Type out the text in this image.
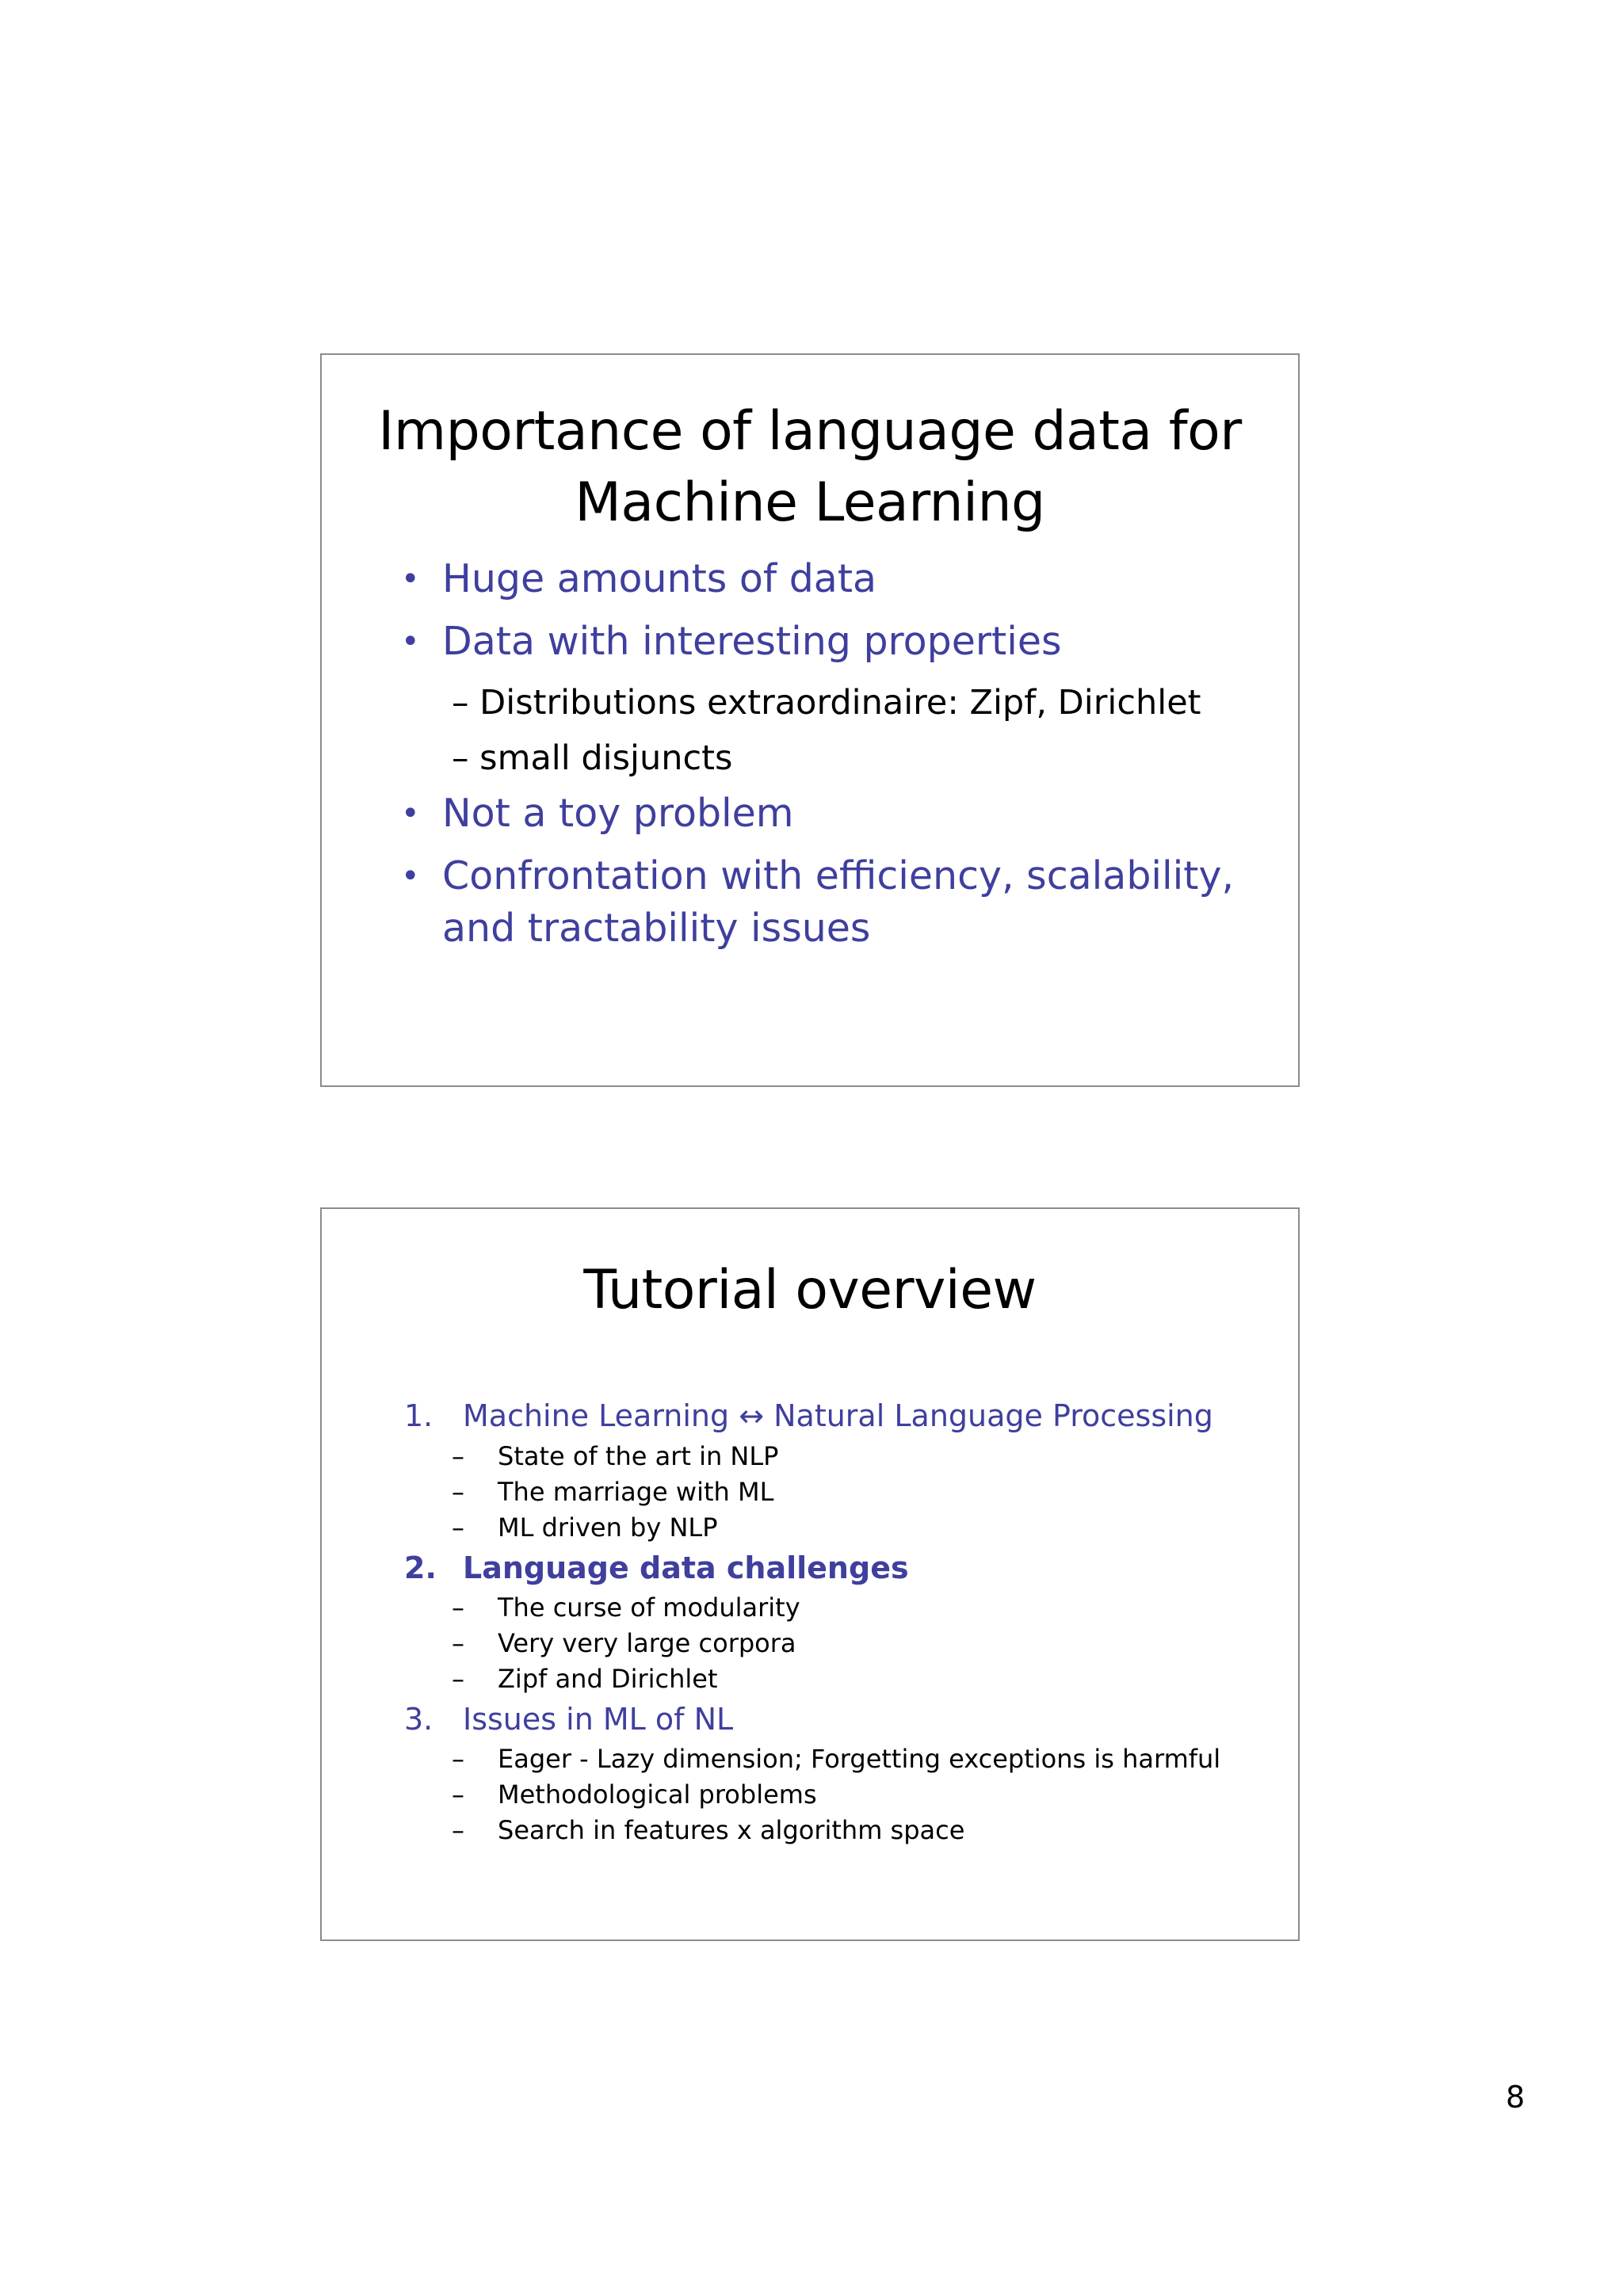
Importance of language data for
Machine Learning
• Huge amounts of data
• Data with interesting properties
– Distributions extraordinaire: Zipf, Dirichlet
– small disjuncts
• Not a toy problem
• Confrontation with efficiency, scalability,
and tractability issues
Tutorial overview
1. Machine Learning ↔ Natural Language Processing
– State of the art in NLP
– The marriage with ML
– ML driven by NLP
2. Language data challenges
– The curse of modularity
– Very very large corpora
– Zipf and Dirichlet
3. Issues in ML of NL
– Eager - Lazy dimension; Forgetting exceptions is harmful
– Methodological problems
– Search in features x algorithm space
8
